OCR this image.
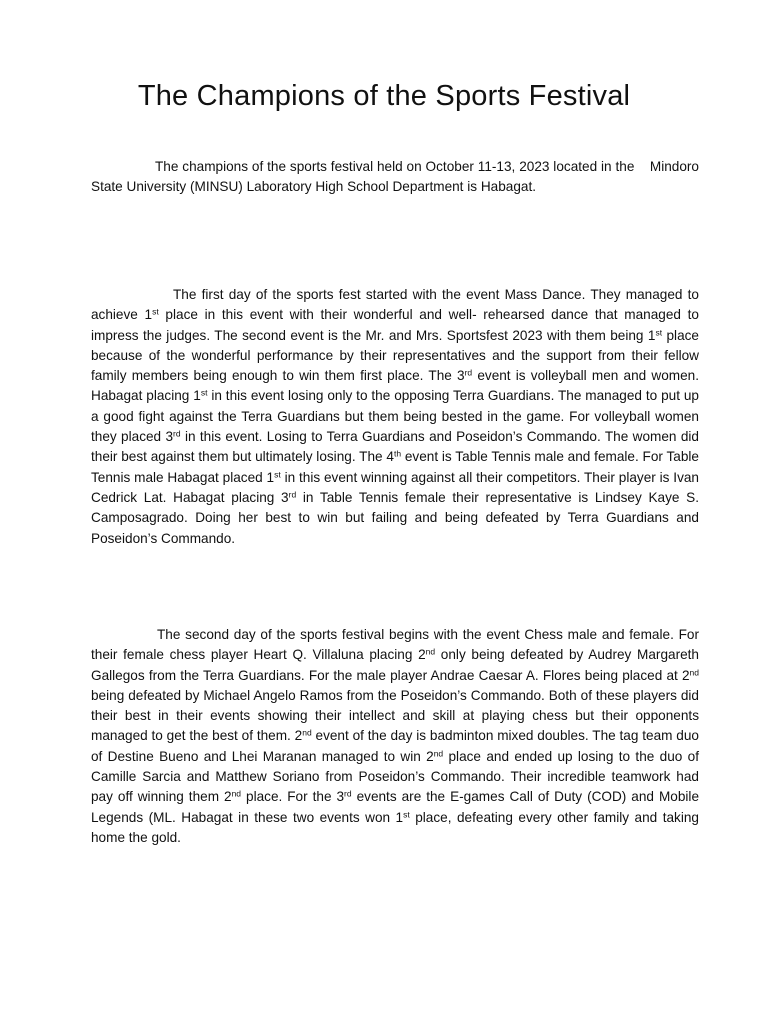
The Champions of the Sports Festival

The champions of the sports festival held on October 11-13, 2023 located in the    Mindoro State University (MINSU) Laboratory High School Department is Habagat.

The first day of the sports fest started with the event Mass Dance. They managed to achieve 1st place in this event with their wonderful and well- rehearsed dance that managed to impress the judges. The second event is the Mr. and Mrs. Sportsfest 2023 with them being 1st place because of the wonderful performance by their representatives and the support from their fellow family members being enough to win them first place. The 3rd event is volleyball men and women. Habagat placing 1st in this event losing only to the opposing Terra Guardians. The managed to put up a good fight against the Terra Guardians but them being bested in the game. For volleyball women they placed 3rd in this event. Losing to Terra Guardians and Poseidon’s Commando. The women did their best against them but ultimately losing. The 4th event is Table Tennis male and female. For Table Tennis male Habagat placed 1st in this event winning against all their competitors. Their player is Ivan Cedrick Lat. Habagat placing 3rd in Table Tennis female their representative is Lindsey Kaye S. Camposagrado. Doing her best to win but failing and being defeated by Terra Guardians and Poseidon’s Commando.

The second day of the sports festival begins with the event Chess male and female. For their female chess player Heart Q. Villaluna placing 2nd only being defeated by Audrey Margareth Gallegos from the Terra Guardians. For the male player Andrae Caesar A. Flores being placed at 2nd being defeated by Michael Angelo Ramos from the Poseidon’s Commando. Both of these players did their best in their events showing their intellect and skill at playing chess but their opponents managed to get the best of them. 2nd event of the day is badminton mixed doubles. The tag team duo of Destine Bueno and Lhei Maranan managed to win 2nd place and ended up losing to the duo of Camille Sarcia and Matthew Soriano from Poseidon’s Commando. Their incredible teamwork had pay off winning them 2nd place. For the 3rd events are the E-games Call of Duty (COD) and Mobile Legends (ML. Habagat in these two events won 1st place, defeating every other family and taking home the gold.
